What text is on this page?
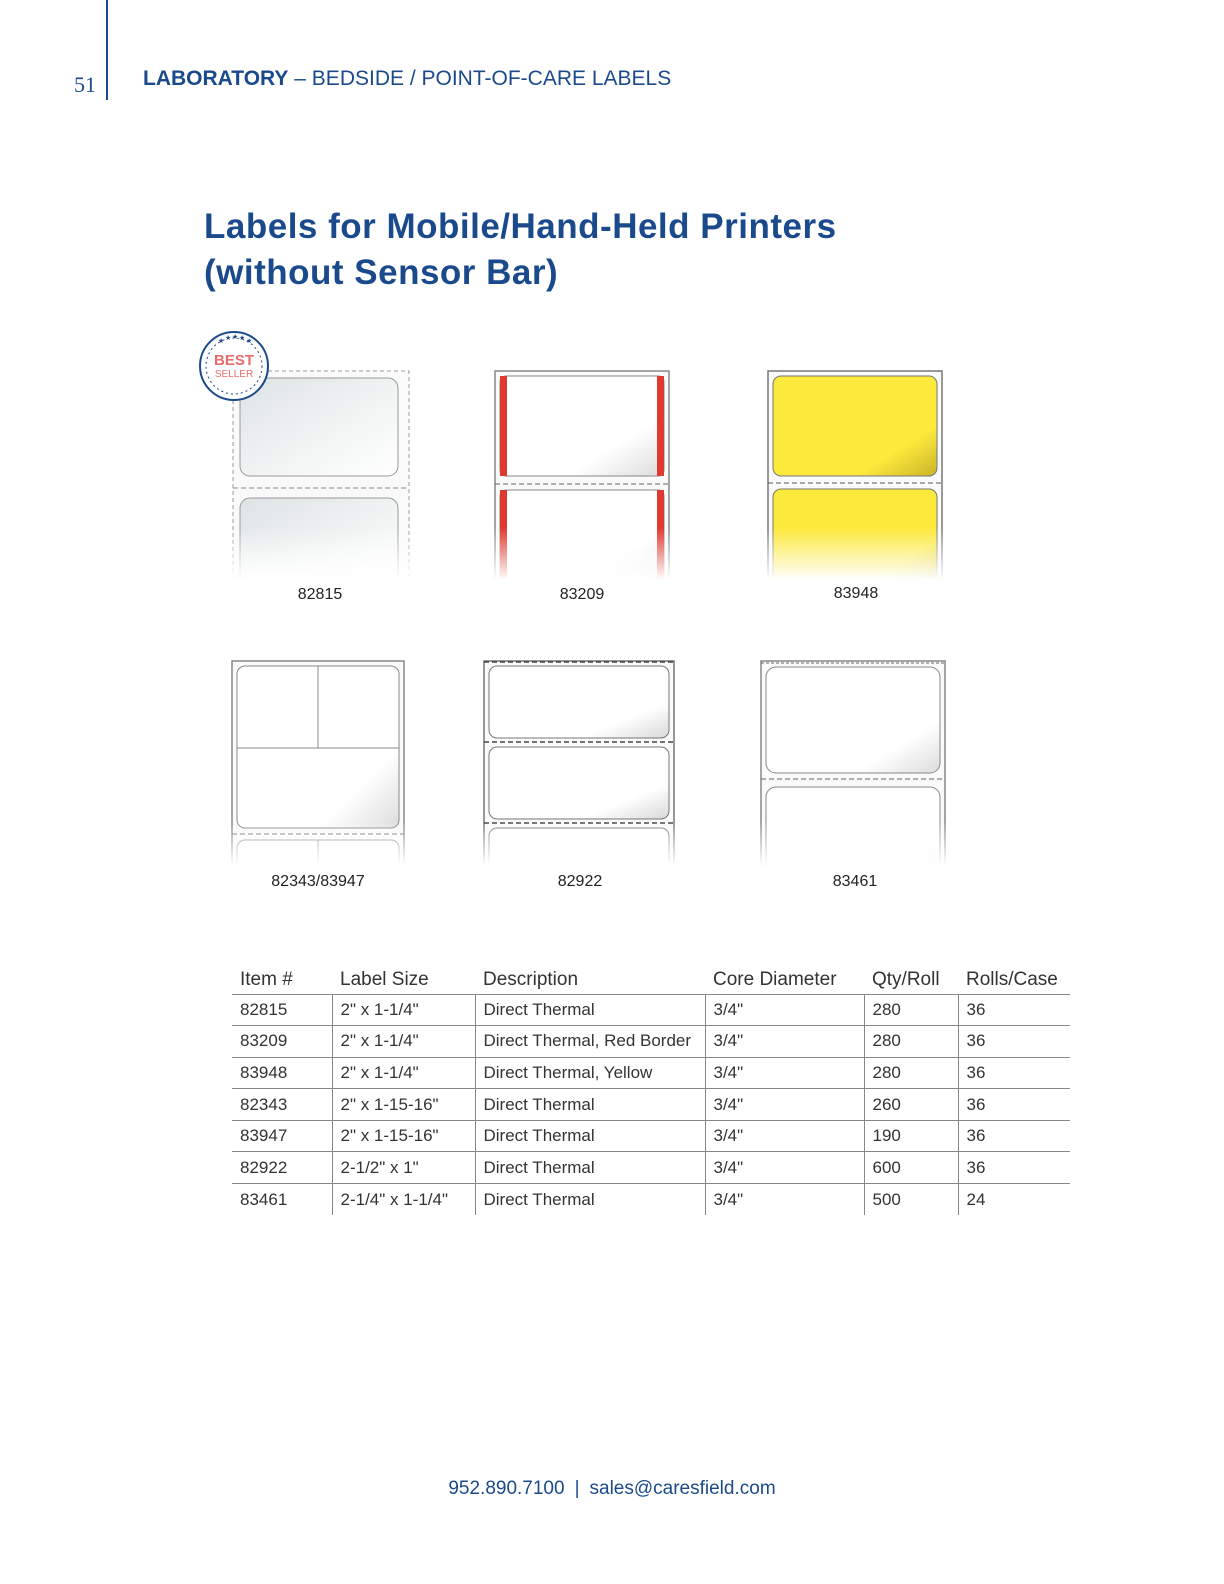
51 LABORATORY – BEDSIDE / POINT-OF-CARE LABELS
Labels for Mobile/Hand-Held Printers
(without Sensor Bar)
82815
★ ★ ★ ★ ★
BEST
SELLER
83209	83948
82343/83947	82922	83461
Item #	Label Size	Description	Core Diameter	Qty/Roll	Rolls/Case
82815	2" x 1-1/4"	Direct Thermal	3/4"	280	36
83209	2" x 1-1/4"	Direct Thermal, Red Border	3/4"	280	36
83948	2" x 1-1/4"	Direct Thermal, Yellow	3/4"	280	36
82343	2" x 1-15-16"	Direct Thermal	3/4"	260	36
83947	2" x 1-15-16"	Direct Thermal	3/4"	190	36
82922	2-1/2" x 1"	Direct Thermal	3/4"	600	36
83461	2-1/4" x 1-1/4"	Direct Thermal	3/4"	500	24
952.890.7100 | sales@caresfield.com
